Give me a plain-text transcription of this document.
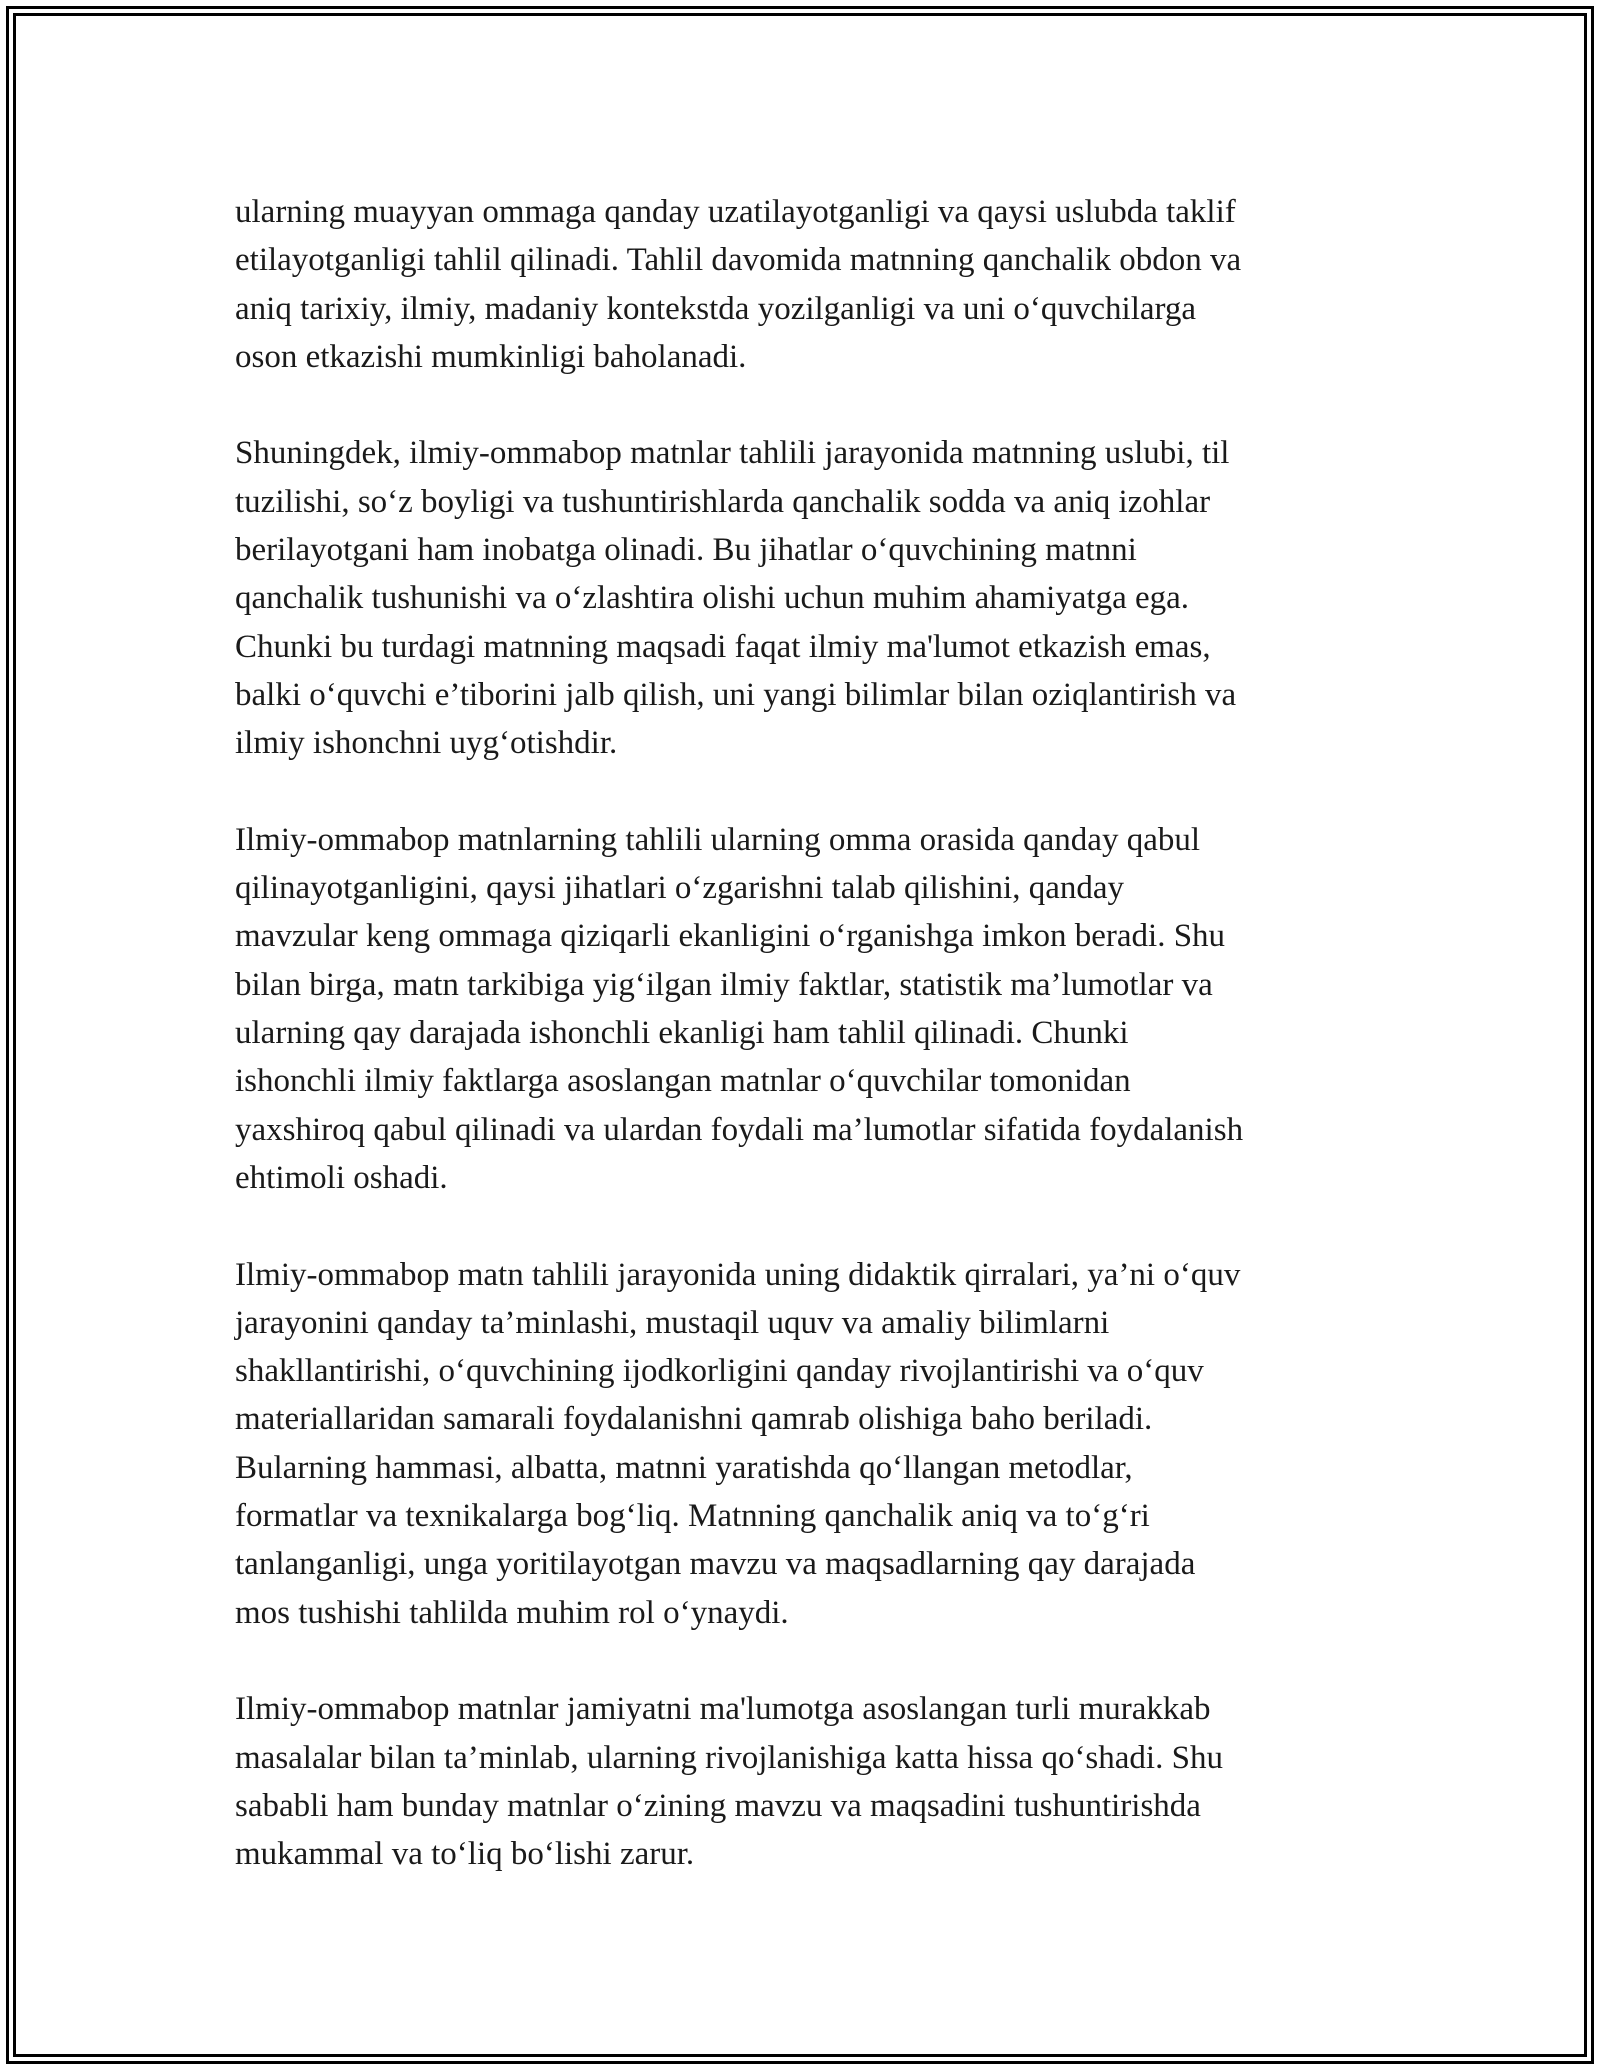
ularning muayyan ommaga qanday uzatilayotganligi va qaysi uslubda taklif
etilayotganligi tahlil qilinadi. Tahlil davomida matnning qanchalik obdon va
aniq tarixiy, ilmiy, madaniy kontekstda yozilganligi va uni o‘quvchilarga
oson etkazishi mumkinligi baholanadi.

Shuningdek, ilmiy-ommabop matnlar tahlili jarayonida matnning uslubi, til
tuzilishi, so‘z boyligi va tushuntirishlarda qanchalik sodda va aniq izohlar
berilayotgani ham inobatga olinadi. Bu jihatlar o‘quvchining matnni
qanchalik tushunishi va o‘zlashtira olishi uchun muhim ahamiyatga ega.
Chunki bu turdagi matnning maqsadi faqat ilmiy ma'lumot etkazish emas,
balki o‘quvchi e’tiborini jalb qilish, uni yangi bilimlar bilan oziqlantirish va
ilmiy ishonchni uyg‘otishdir.

Ilmiy-ommabop matnlarning tahlili ularning omma orasida qanday qabul
qilinayotganligini, qaysi jihatlari o‘zgarishni talab qilishini, qanday
mavzular keng ommaga qiziqarli ekanligini o‘rganishga imkon beradi. Shu
bilan birga, matn tarkibiga yig‘ilgan ilmiy faktlar, statistik ma’lumotlar va
ularning qay darajada ishonchli ekanligi ham tahlil qilinadi. Chunki
ishonchli ilmiy faktlarga asoslangan matnlar o‘quvchilar tomonidan
yaxshiroq qabul qilinadi va ulardan foydali ma’lumotlar sifatida foydalanish
ehtimoli oshadi.

Ilmiy-ommabop matn tahlili jarayonida uning didaktik qirralari, ya’ni o‘quv
jarayonini qanday ta’minlashi, mustaqil uquv va amaliy bilimlarni
shakllantirishi, o‘quvchining ijodkorligini qanday rivojlantirishi va o‘quv
materiallaridan samarali foydalanishni qamrab olishiga baho beriladi.
Bularning hammasi, albatta, matnni yaratishda qo‘llangan metodlar,
formatlar va texnikalarga bog‘liq. Matnning qanchalik aniq va to‘g‘ri
tanlanganligi, unga yoritilayotgan mavzu va maqsadlarning qay darajada
mos tushishi tahlilda muhim rol o‘ynaydi.

Ilmiy-ommabop matnlar jamiyatni ma'lumotga asoslangan turli murakkab
masalalar bilan ta’minlab, ularning rivojlanishiga katta hissa qo‘shadi. Shu
sababli ham bunday matnlar o‘zining mavzu va maqsadini tushuntirishda
mukammal va to‘liq bo‘lishi zarur.
